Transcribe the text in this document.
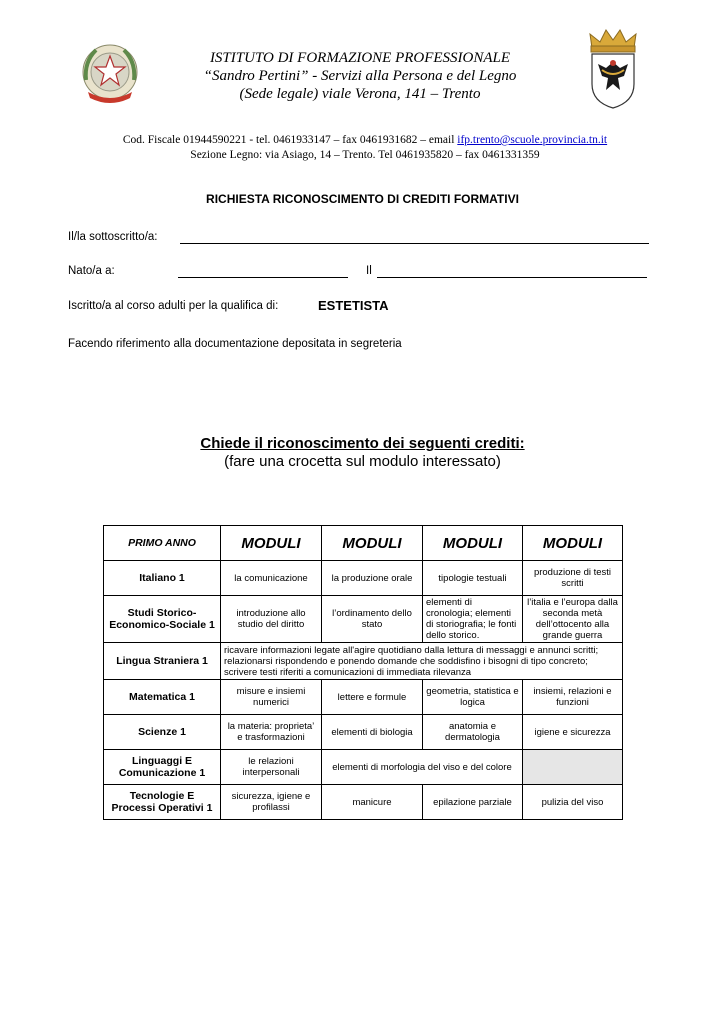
ISTITUTO DI FORMAZIONE PROFESSIONALE
“Sandro Pertini” - Servizi alla Persona e del Legno
(Sede legale) viale Verona, 141 – Trento
Cod. Fiscale 01944590221 - tel. 0461933147 – fax 0461931682 – email ifp.trento@scuole.provincia.tn.it
Sezione Legno: via Asiago, 14 – Trento. Tel 0461935820 – fax 0461331359
RICHIESTA RICONOSCIMENTO DI CREDITI FORMATIVI
Il/la sottoscritto/a:
Nato/a a:	Il
Iscritto/a al corso adulti per la qualifica di:	ESTETISTA
Facendo riferimento alla documentazione depositata in segreteria
Chiede il riconoscimento dei seguenti crediti:
(fare una crocetta sul modulo interessato)
PRIMO ANNO	MODULI	MODULI	MODULI	MODULI
Italiano 1	la comunicazione	la produzione orale	tipologie testuali	produzione di testi scritti
Studi Storico-Economico-Sociale 1	introduzione allo studio del diritto	l’ordinamento dello stato	elementi di cronologia; elementi di storiografia; le fonti dello storico.	l’italia e l’europa dalla seconda metà dell’ottocento alla grande guerra
Lingua Straniera 1	ricavare informazioni legate all'agire quotidiano dalla lettura di messaggi e annunci scritti; relazionarsi rispondendo e ponendo domande che soddisfino i bisogni di tipo concreto; scrivere testi riferiti a comunicazioni di immediata rilevanza			
Matematica 1	misure e insiemi numerici	lettere e formule	geometria, statistica e logica	insiemi, relazioni e funzioni
Scienze 1	la materia: proprieta’ e trasformazioni	elementi di biologia	anatomia e dermatologia	igiene e sicurezza
Linguaggi E Comunicazione 1	le relazioni interpersonali	elementi di morfologia del viso e del colore		
Tecnologie E Processi Operativi 1	sicurezza, igiene e profilassi	manicure	epilazione parziale	pulizia del viso
